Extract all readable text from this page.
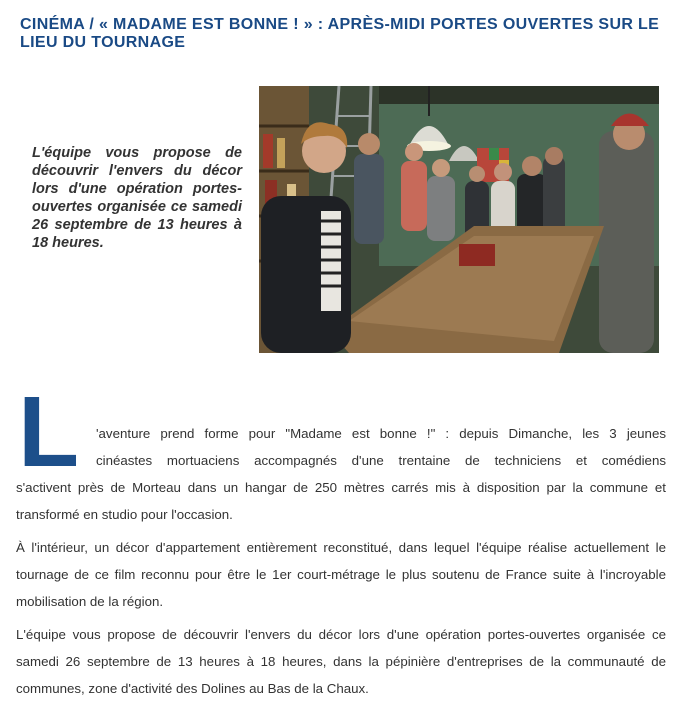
CINÉMA / « MADAME EST BONNE ! » : APRÈS-MIDI PORTES OUVERTES SUR LE LIEU DU TOURNAGE

L'équipe vous propose de découvrir l'envers du décor lors d'une opération portes-ouvertes organisée ce samedi 26 septembre de 13 heures à 18 heures.

L 'aventure prend forme pour "Madame est bonne !" : depuis Dimanche, les 3 jeunes

cinéastes mortuaciens accompagnés d'une trentaine de techniciens et comédiens

s'activent près de Morteau dans un hangar de 250 mètres carrés mis à disposition par la commune et

transformé en studio pour l'occasion.

À l'intérieur, un décor d'appartement entièrement reconstitué, dans lequel l'équipe réalise actuellement le tournage de ce film reconnu pour être le 1er court-métrage le plus soutenu de France suite à l'incroyable mobilisation de la région.

L'équipe vous propose de découvrir l'envers du décor lors d'une opération portes-ouvertes organisée ce samedi 26 septembre de 13 heures à 18 heures, dans la pépinière d'entreprises de la communauté de communes, zone d'activité des Dolines au Bas de la Chaux.
